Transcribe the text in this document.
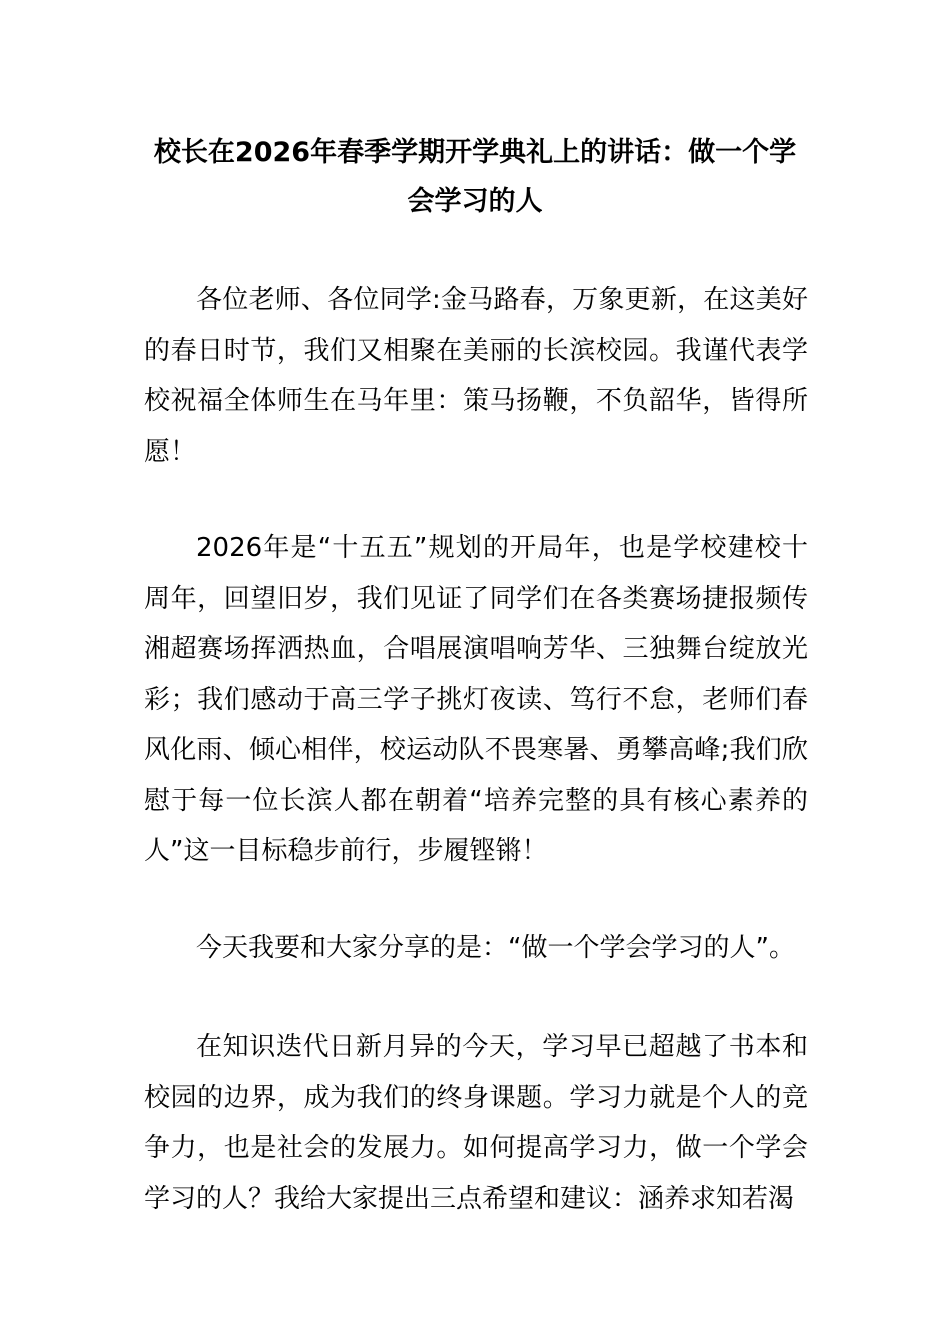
校长在2026年春季学期开学典礼上的讲话：做一个学会学习的人

各位老师、各位同学:金马路春，万象更新，在这美好的春日时节，我们又相聚在美丽的长滨校园。我谨代表学校祝福全体师生在马年里：策马扬鞭，不负韶华，皆得所愿！

2026年是“十五五”规划的开局年，也是学校建校十周年，回望旧岁，我们见证了同学们在各类赛场捷报频传湘超赛场挥洒热血，合唱展演唱响芳华、三独舞台绽放光彩；我们感动于高三学子挑灯夜读、笃行不怠，老师们春风化雨、倾心相伴，校运动队不畏寒暑、勇攀高峰;我们欣慰于每一位长滨人都在朝着“培养完整的具有核心素养的人”这一目标稳步前行，步履铿锵！

今天我要和大家分享的是：“做一个学会学习的人”。

在知识迭代日新月异的今天，学习早已超越了书本和校园的边界，成为我们的终身课题。学习力就是个人的竞争力，也是社会的发展力。如何提高学习力，做一个学会学习的人？我给大家提出三点希望和建议：涵养求知若渴
